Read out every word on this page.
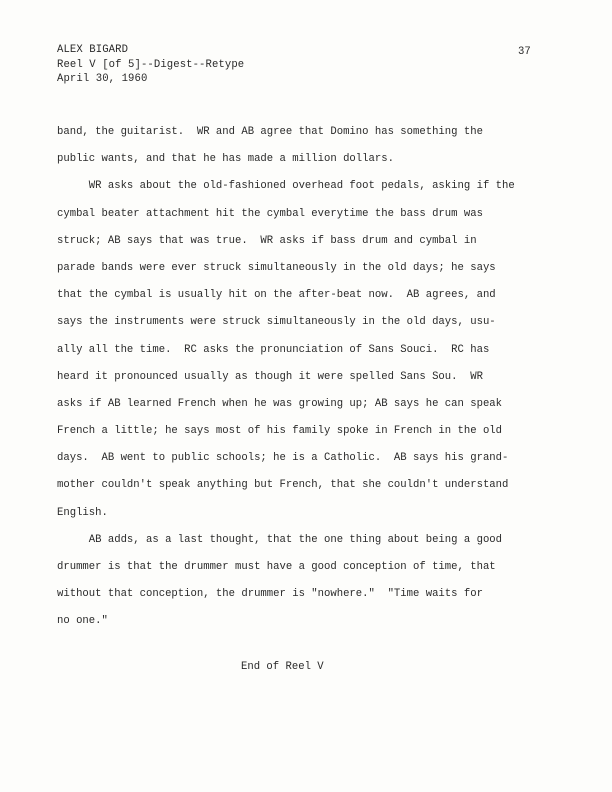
ALEX BIGARD
Reel V [of 5]--Digest--Retype
April 30, 1960
37
band, the guitarist.  WR and AB agree that Domino has something the
public wants, and that he has made a million dollars.
WR asks about the old-fashioned overhead foot pedals, asking if the
cymbal beater attachment hit the cymbal everytime the bass drum was
struck; AB says that was true.  WR asks if bass drum and cymbal in
parade bands were ever struck simultaneously in the old days; he says
that the cymbal is usually hit on the after-beat now.  AB agrees, and
says the instruments were struck simultaneously in the old days, usu-
ally all the time.  RC asks the pronunciation of Sans Souci.  RC has
heard it pronounced usually as though it were spelled Sans Sou.  WR
asks if AB learned French when he was growing up; AB says he can speak
French a little; he says most of his family spoke in French in the old
days.  AB went to public schools; he is a Catholic.  AB says his grand-
mother couldn't speak anything but French, that she couldn't understand
English.
AB adds, as a last thought, that the one thing about being a good
drummer is that the drummer must have a good conception of time, that
without that conception, the drummer is "nowhere."  "Time waits for
no one."
End of Reel V
